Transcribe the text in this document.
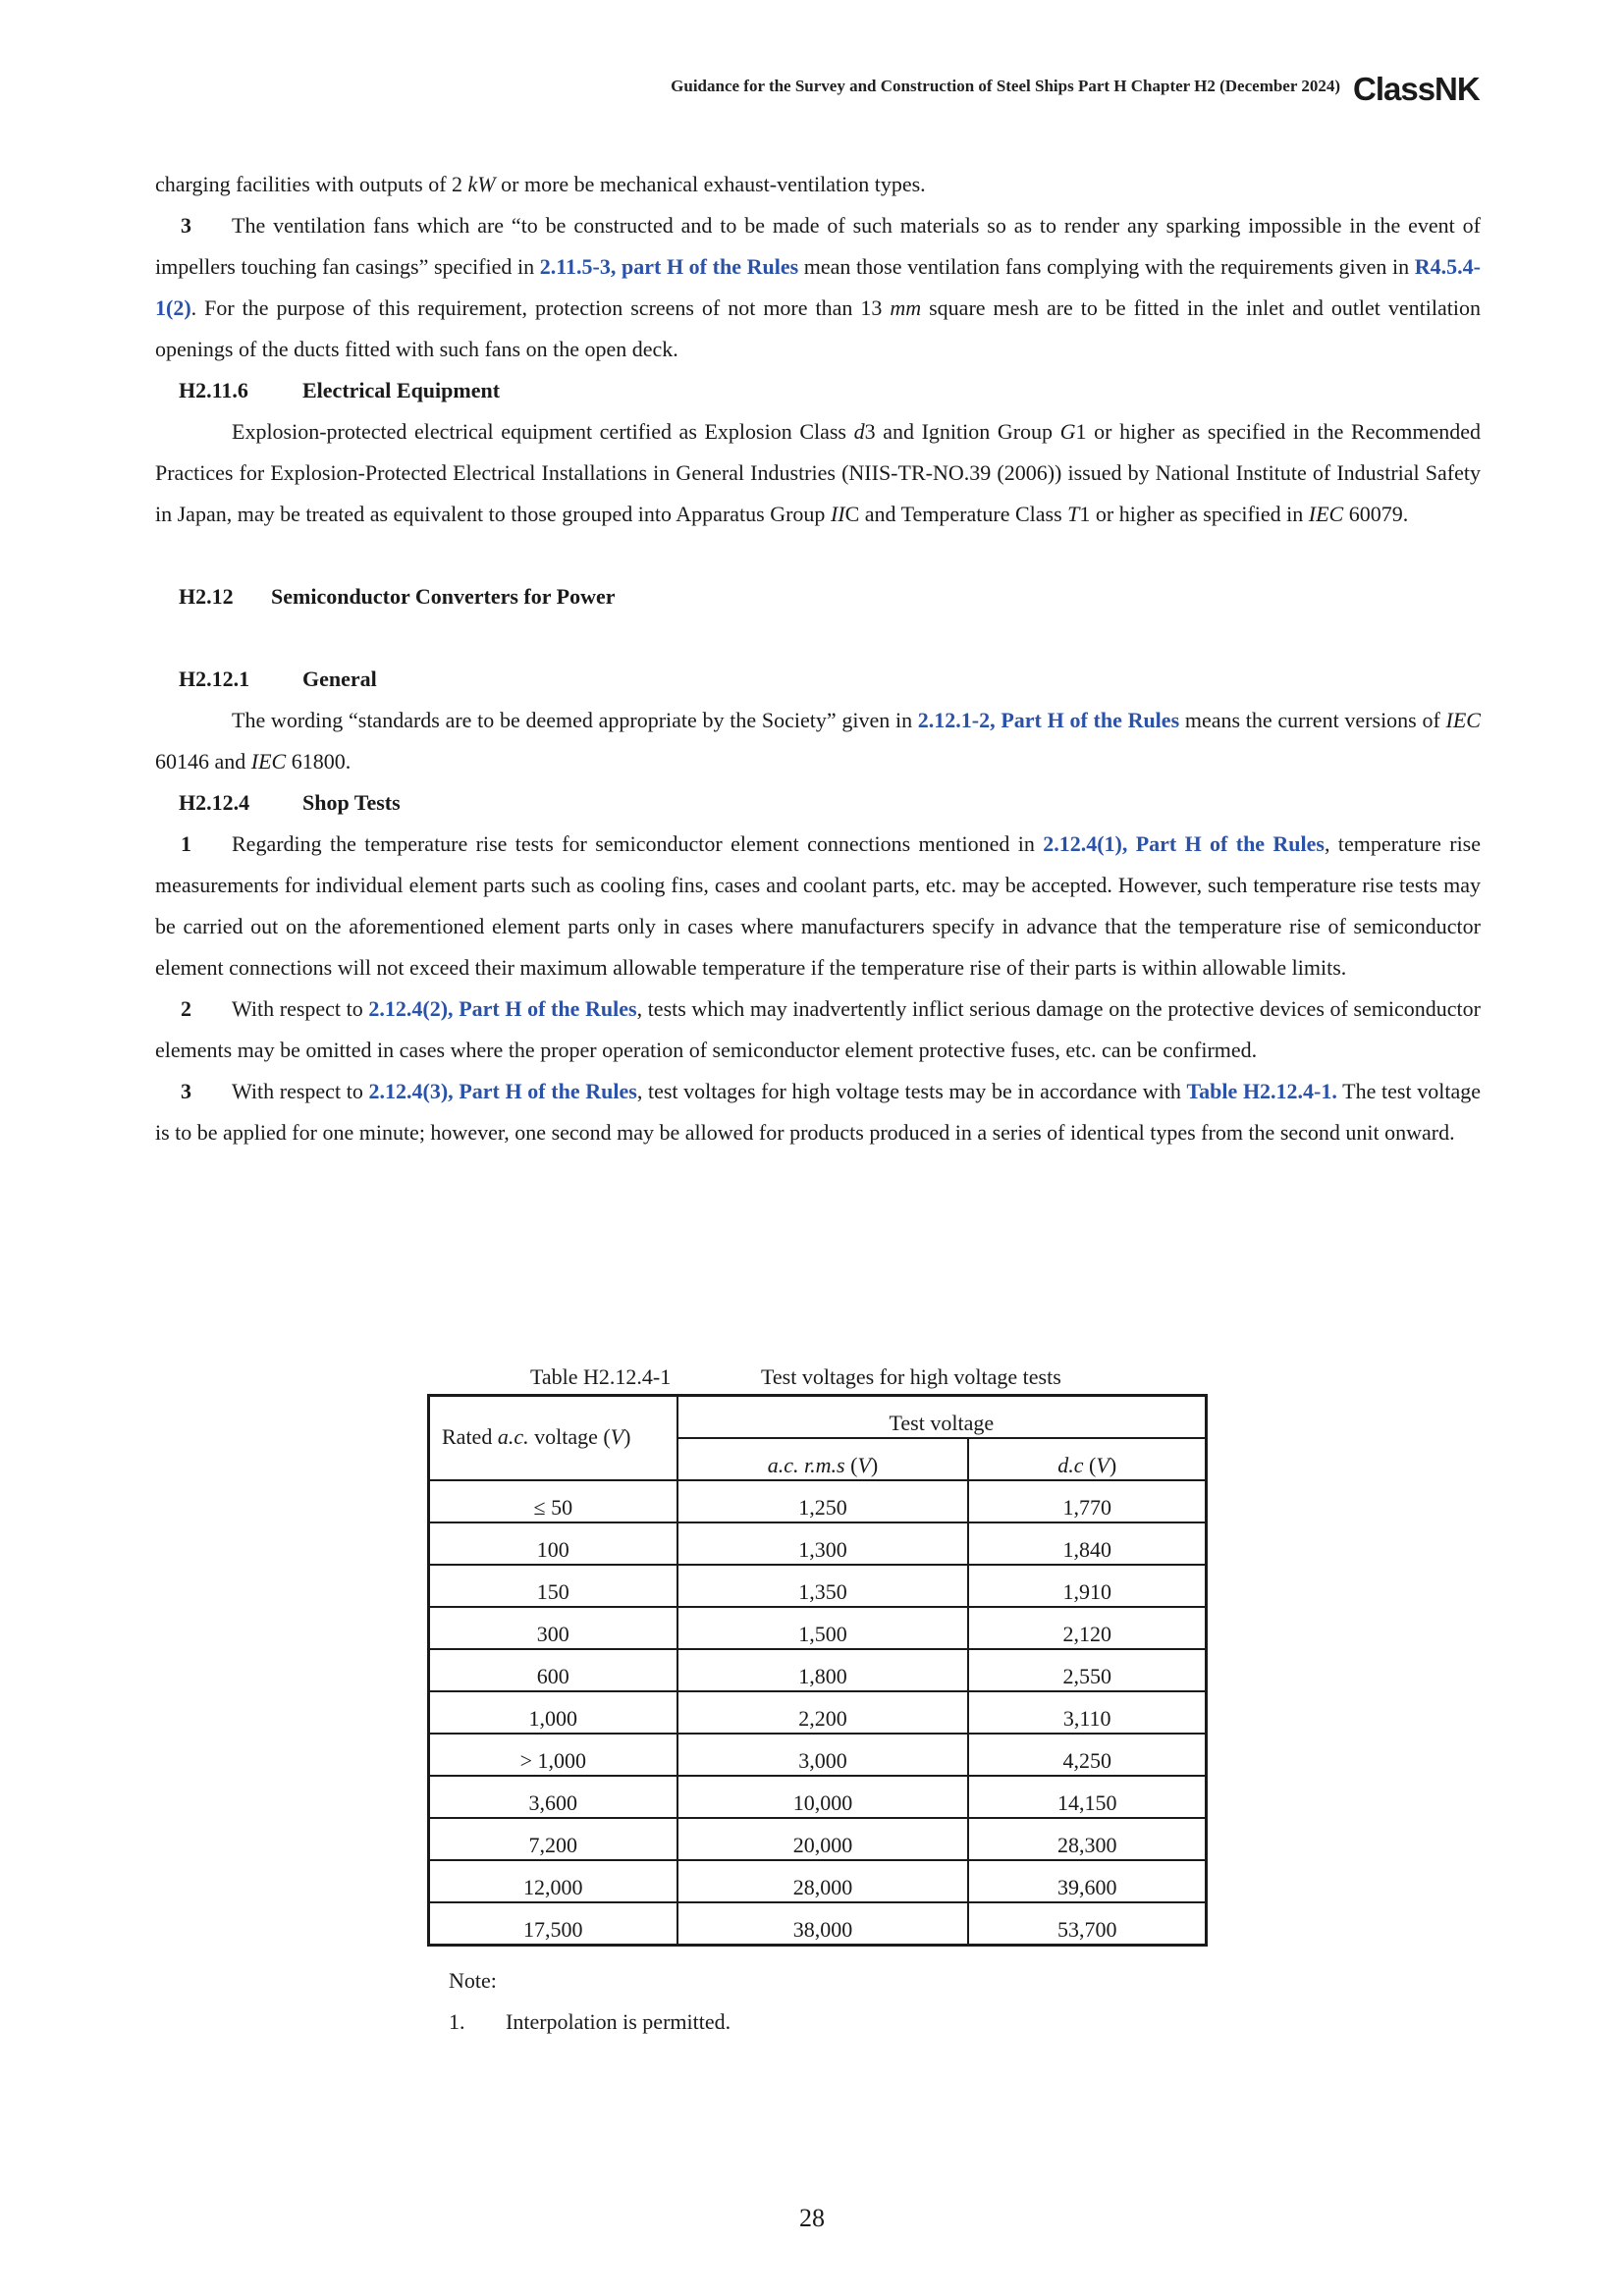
Guidance for the Survey and Construction of Steel Ships Part H Chapter H2 (December 2024) ClassNK

charging facilities with outputs of 2 kW or more be mechanical exhaust-ventilation types.

3 The ventilation fans which are “to be constructed and to be made of such materials so as to render any sparking impossible in the event of impellers touching fan casings” specified in 2.11.5-3, part H of the Rules mean those ventilation fans complying with the requirements given in R4.5.4-1(2). For the purpose of this requirement, protection screens of not more than 13 mm square mesh are to be fitted in the inlet and outlet ventilation openings of the ducts fitted with such fans on the open deck.

H2.11.6	Electrical Equipment

Explosion-protected electrical equipment certified as Explosion Class d3 and Ignition Group G1 or higher as specified in the Recommended Practices for Explosion-Protected Electrical Installations in General Industries (NIIS-TR-NO.39 (2006)) issued by National Institute of Industrial Safety in Japan, may be treated as equivalent to those grouped into Apparatus Group IIC and Temperature Class T1 or higher as specified in IEC 60079.

H2.12 Semiconductor Converters for Power

H2.12.1 General

The wording “standards are to be deemed appropriate by the Society” given in 2.12.1-2, Part H of the Rules means the current versions of IEC 60146 and IEC 61800.

H2.12.4 Shop Tests

1 Regarding the temperature rise tests for semiconductor element connections mentioned in 2.12.4(1), Part H of the Rules, temperature rise measurements for individual element parts such as cooling fins, cases and coolant parts, etc. may be accepted. However, such temperature rise tests may be carried out on the aforementioned element parts only in cases where manufacturers specify in advance that the temperature rise of semiconductor element connections will not exceed their maximum allowable temperature if the temperature rise of their parts is within allowable limits.

2 With respect to 2.12.4(2), Part H of the Rules, tests which may inadvertently inflict serious damage on the protective devices of semiconductor elements may be omitted in cases where the proper operation of semiconductor element protective fuses, etc. can be confirmed.

3 With respect to 2.12.4(3), Part H of the Rules, test voltages for high voltage tests may be in accordance with Table H2.12.4-1. The test voltage is to be applied for one minute; however, one second may be allowed for products produced in a series of identical types from the second unit onward.

Table H2.12.4-1	Test voltages for high voltage tests
Rated a.c. voltage (V)	Test voltage	
	a.c. r.m.s (V)	d.c (V)
≤ 50	1,250	1,770
100	1,300	1,840
150	1,350	1,910
300	1,500	2,120
600	1,800	2,550
1,000	2,200	3,110
> 1,000	3,000	4,250
3,600	10,000	14,150
7,200	20,000	28,300
12,000	28,000	39,600
17,500	38,000	53,700
Note:
1. Interpolation is permitted.
28
